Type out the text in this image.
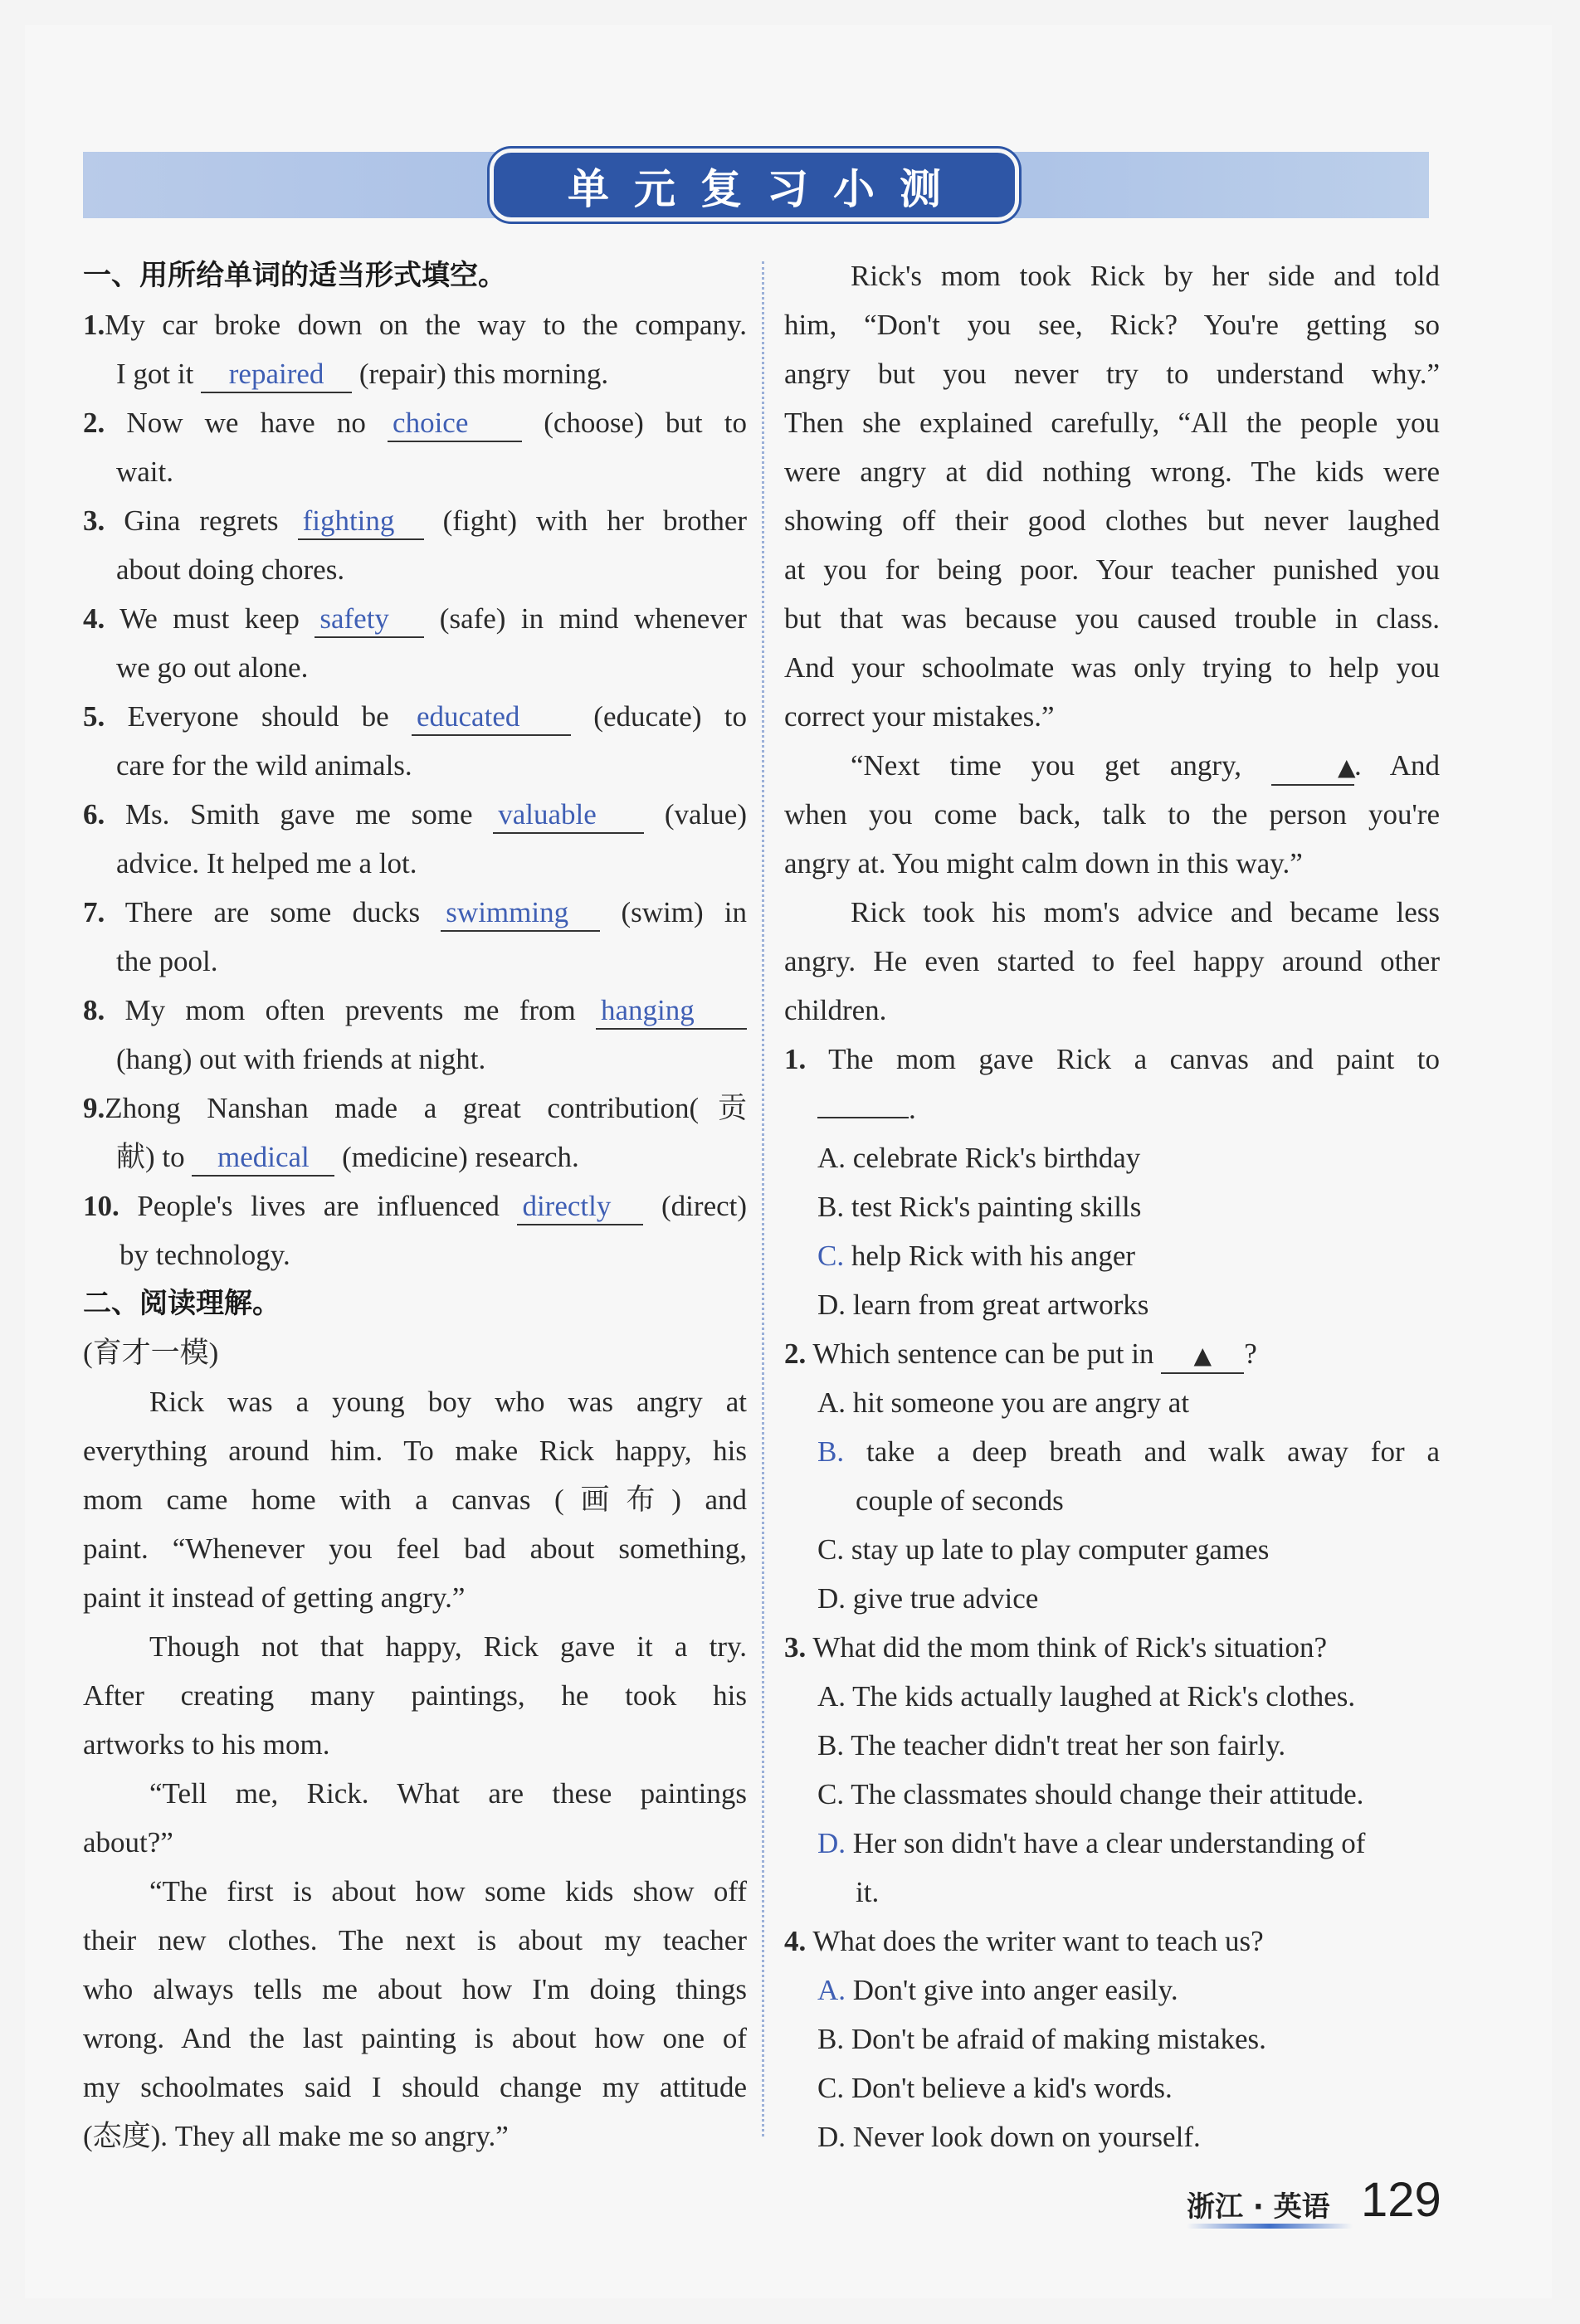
单元复习小测
一、用所给单词的适当形式填空。
1.My car broke down on the way to the company.
I got it repaired (repair) this morning.
2. Now we have no choice	(choose) but to
wait.
3. Gina regrets fighting (fight) with her brother
about doing chores.
4. We must keep safety (safe) in mind whenever
we go out alone.
5. Everyone should be educated	(educate) to
care for the wild animals.
6. Ms. Smith gave me some valuable (value)
advice. It helped me a lot.
7. There are some ducks swimming (swim) in
the pool.
8. My mom often prevents me from hanging
(hang) out with friends at night.
9.Zhong Nanshan made a great contribution(贡
献) to medical (medicine) research.
10. People's lives are influenced directly (direct)
by technology.
二、阅读理解。
(育才一模)
Rick was a young boy who was angry at
everything around him. To make Rick happy, his
mom came home with a canvas (画布) and
paint. “Whenever you feel bad about something,
paint it instead of getting angry.”
Though not that happy, Rick gave it a try.
After creating many paintings, he took his
artworks to his mom.
“Tell me, Rick. What are these paintings
about?”
“The first is about how some kids show off
their new clothes. The next is about my teacher
who always tells me about how I'm doing things
wrong. And the last painting is about how one of
my schoolmates said I should change my attitude
(态度). They all make me so angry.”
Rick's mom took Rick by her side and told
him, “Don't you see, Rick? You're getting so
angry but you never try to understand why.”
Then she explained carefully, “All the people you
were angry at did nothing wrong. The kids were
showing off their good clothes but never laughed
at you for being poor. Your teacher punished you
but that was because you caused trouble in class.
And your schoolmate was only trying to help you
correct your mistakes.”
“Next time you get angry,	▲. And
when you come back, talk to the person you're
angry at. You might calm down in this way.”
Rick took his mom's advice and became less
angry. He even started to feel happy around other
children.
1. The mom gave Rick a canvas and paint to
.
A. celebrate Rick's birthday
B. test Rick's painting skills
C. help Rick with his anger
D. learn from great artworks
2. Which sentence can be put in ▲ ?
A. hit someone you are angry at
B. take a deep breath and walk away for a
couple of seconds
C. stay up late to play computer games
D. give true advice
3. What did the mom think of Rick's situation?
A. The kids actually laughed at Rick's clothes.
B. The teacher didn't treat her son fairly.
C. The classmates should change their attitude.
D. Her son didn't have a clear understanding of
it.
4. What does the writer want to teach us?
A. Don't give into anger easily.
B. Don't be afraid of making mistakes.
C. Don't believe a kid's words.
D. Never look down on yourself.
浙江 · 英语 129
